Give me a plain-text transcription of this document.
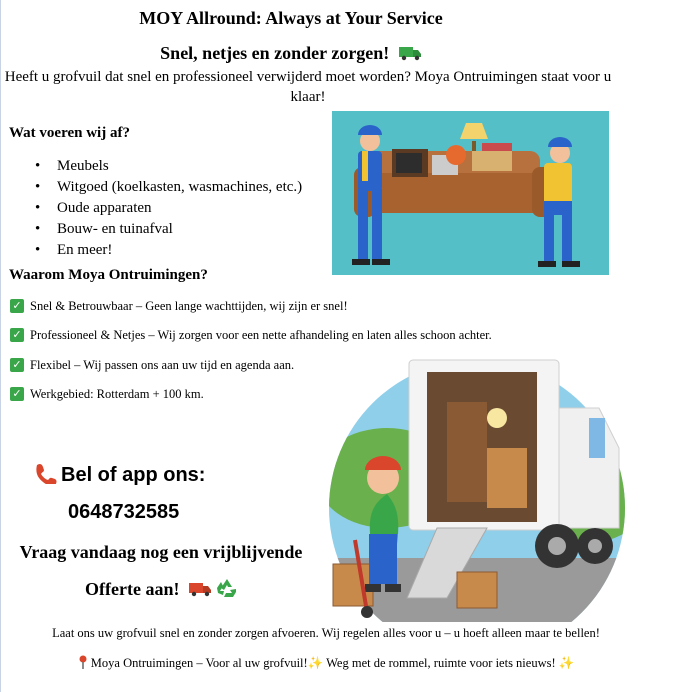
MOY Allround: Always at Your Service
Snel, netjes en zonder zorgen!
Heeft u grofvuil dat snel en professioneel verwijderd moet worden? Moya Ontruimingen staat voor u klaar!
Wat voeren wij af?
• Meubels
• Witgoed (koelkasten, wasmachines, etc.)
• Oude apparaten
• Bouw- en tuinafval
• En meer!
Waarom Moya Ontruimingen?
✓ Snel & Betrouwbaar – Geen lange wachttijden, wij zijn er snel!
✓ Professioneel & Netjes – Wij zorgen voor een nette afhandeling en laten alles schoon achter.
✓ Flexibel – Wij passen ons aan uw tijd en agenda aan.
✓ Werkgebied: Rotterdam + 100 km.
Bel of app ons:
0648732585
Vraag vandaag nog een vrijblijvende
Offerte aan!
Laat ons uw grofvuil snel en zonder zorgen afvoeren. Wij regelen alles voor u – u hoeft alleen maar te bellen!
Moya Ontruimingen – Voor al uw grofvuil!✨ Weg met de rommel, ruimte voor iets nieuws! ✨
